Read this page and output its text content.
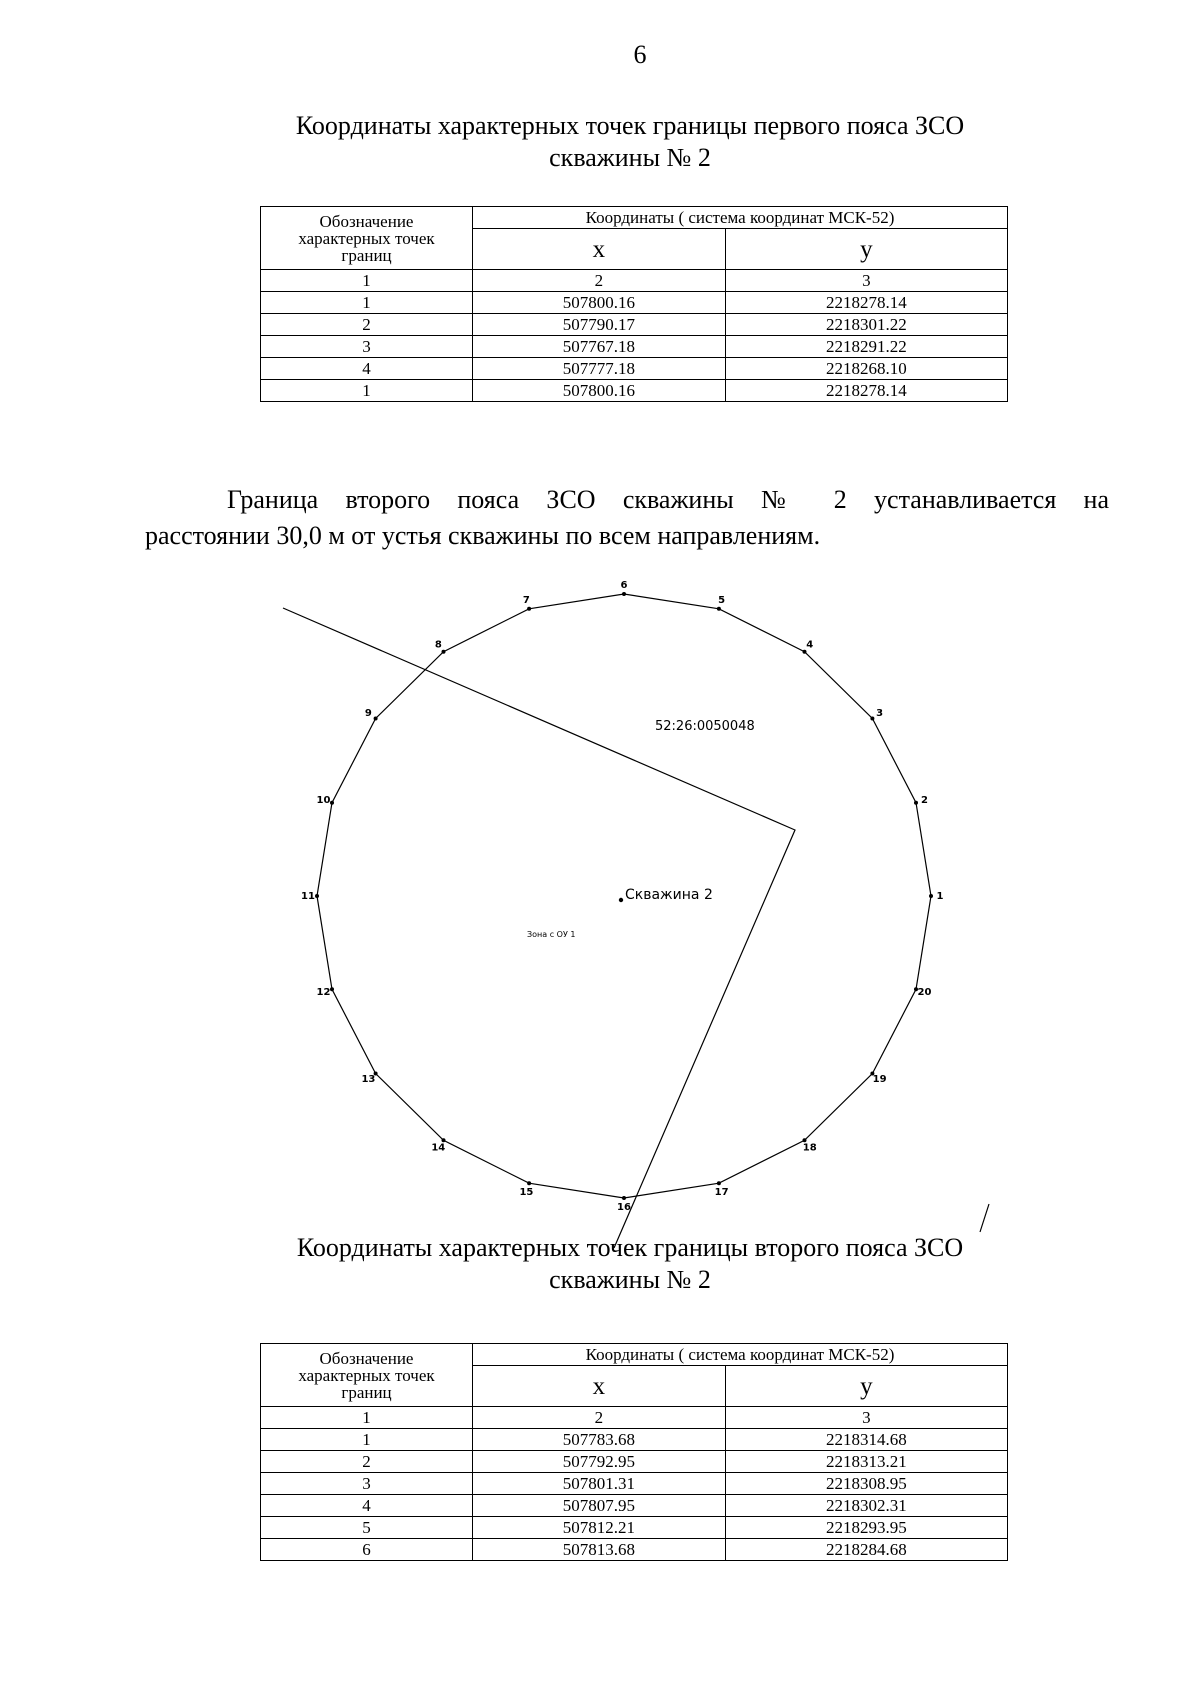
6
Координаты характерных точек границы первого пояса ЗСО
скважины № 2
Обозначение
характерных точек
границ	Координаты ( система координат МСК-52)	
	х	у
1	2	3
1	507800.16	2218278.14
2	507790.17	2218301.22
3	507767.18	2218291.22
4	507777.18	2218268.10
1	507800.16	2218278.14
Граница второго пояса ЗСО скважины № 2 устанавливается на
расстоянии 30,0 м от устья скважины по всем направлениям.
1
2
3
4
5
6
7
8
9
10
11
12
13
14
15
16
17
18
19
20
Скважина 2
52:26:0050048
Зона с ОУ 1
Координаты характерных точек границы второго пояса ЗСО
скважины № 2
Обозначение
характерных точек
границ	Координаты ( система координат МСК-52)	
	х	у
1	2	3
1	507783.68	2218314.68
2	507792.95	2218313.21
3	507801.31	2218308.95
4	507807.95	2218302.31
5	507812.21	2218293.95
6	507813.68	2218284.68
